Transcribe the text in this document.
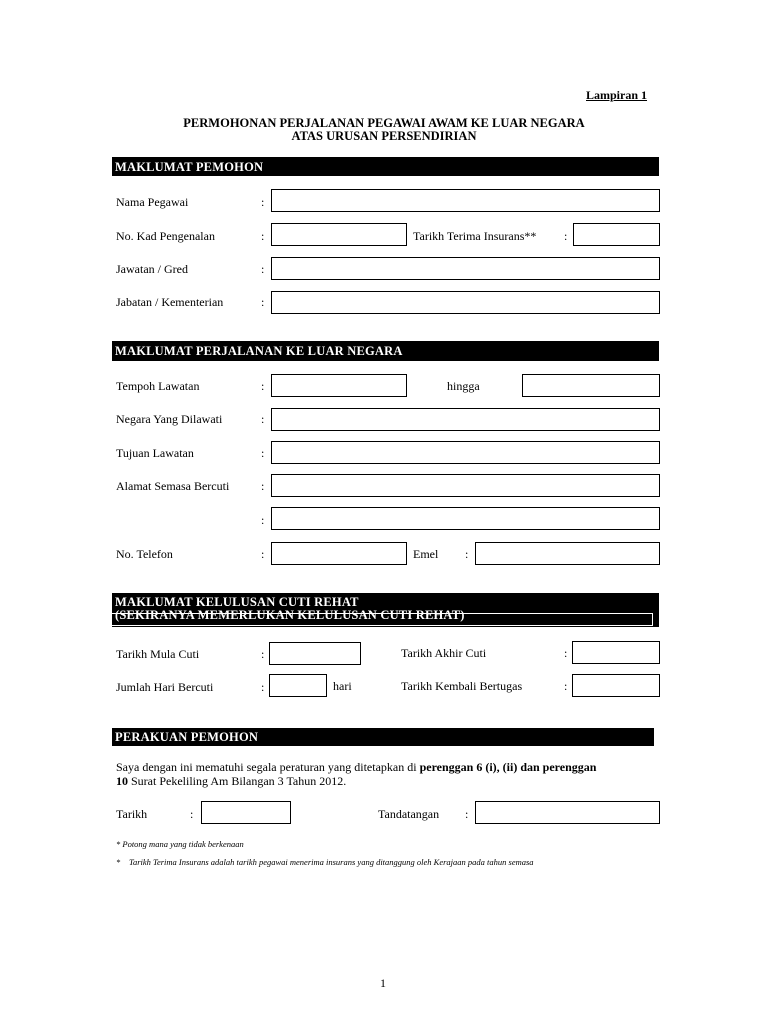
Lampiran 1
PERMOHONAN PERJALANAN PEGAWAI AWAM KE LUAR NEGARA
ATAS URUSAN PERSENDIRIAN
MAKLUMAT PEMOHON
Nama Pegawai	:
No. Kad Pengenalan	:	Tarikh Terima Insurans** :
Jawatan / Gred	:
Jabatan / Kementerian	:
MAKLUMAT PERJALANAN KE LUAR NEGARA
Tempoh Lawatan	:	hingga
Negara Yang Dilawati	:
Tujuan Lawatan	:
Alamat Semasa Bercuti	:
:
No. Telefon	:	Emel :
MAKLUMAT KELULUSAN CUTI REHAT
(SEKIRANYA MEMERLUKAN KELULUSAN CUTI REHAT)
Tarikh Mula Cuti	:	Tarikh Akhir Cuti	:
Jumlah Hari Bercuti	:	hari	Tarikh Kembali Bertugas	:
PERAKUAN PEMOHON
Saya dengan ini mematuhi segala peraturan yang ditetapkan di perenggan 6 (i), (ii) dan perenggan
10 Surat Pekeliling Am Bilangan 3 Tahun 2012.
Tarikh	:	Tandatangan :
* Potong mana yang tidak berkenaan
* Tarikh Terima Insurans adalah tarikh pegawai menerima insurans yang ditanggung oleh Kerajaan pada tahun semasa
1
